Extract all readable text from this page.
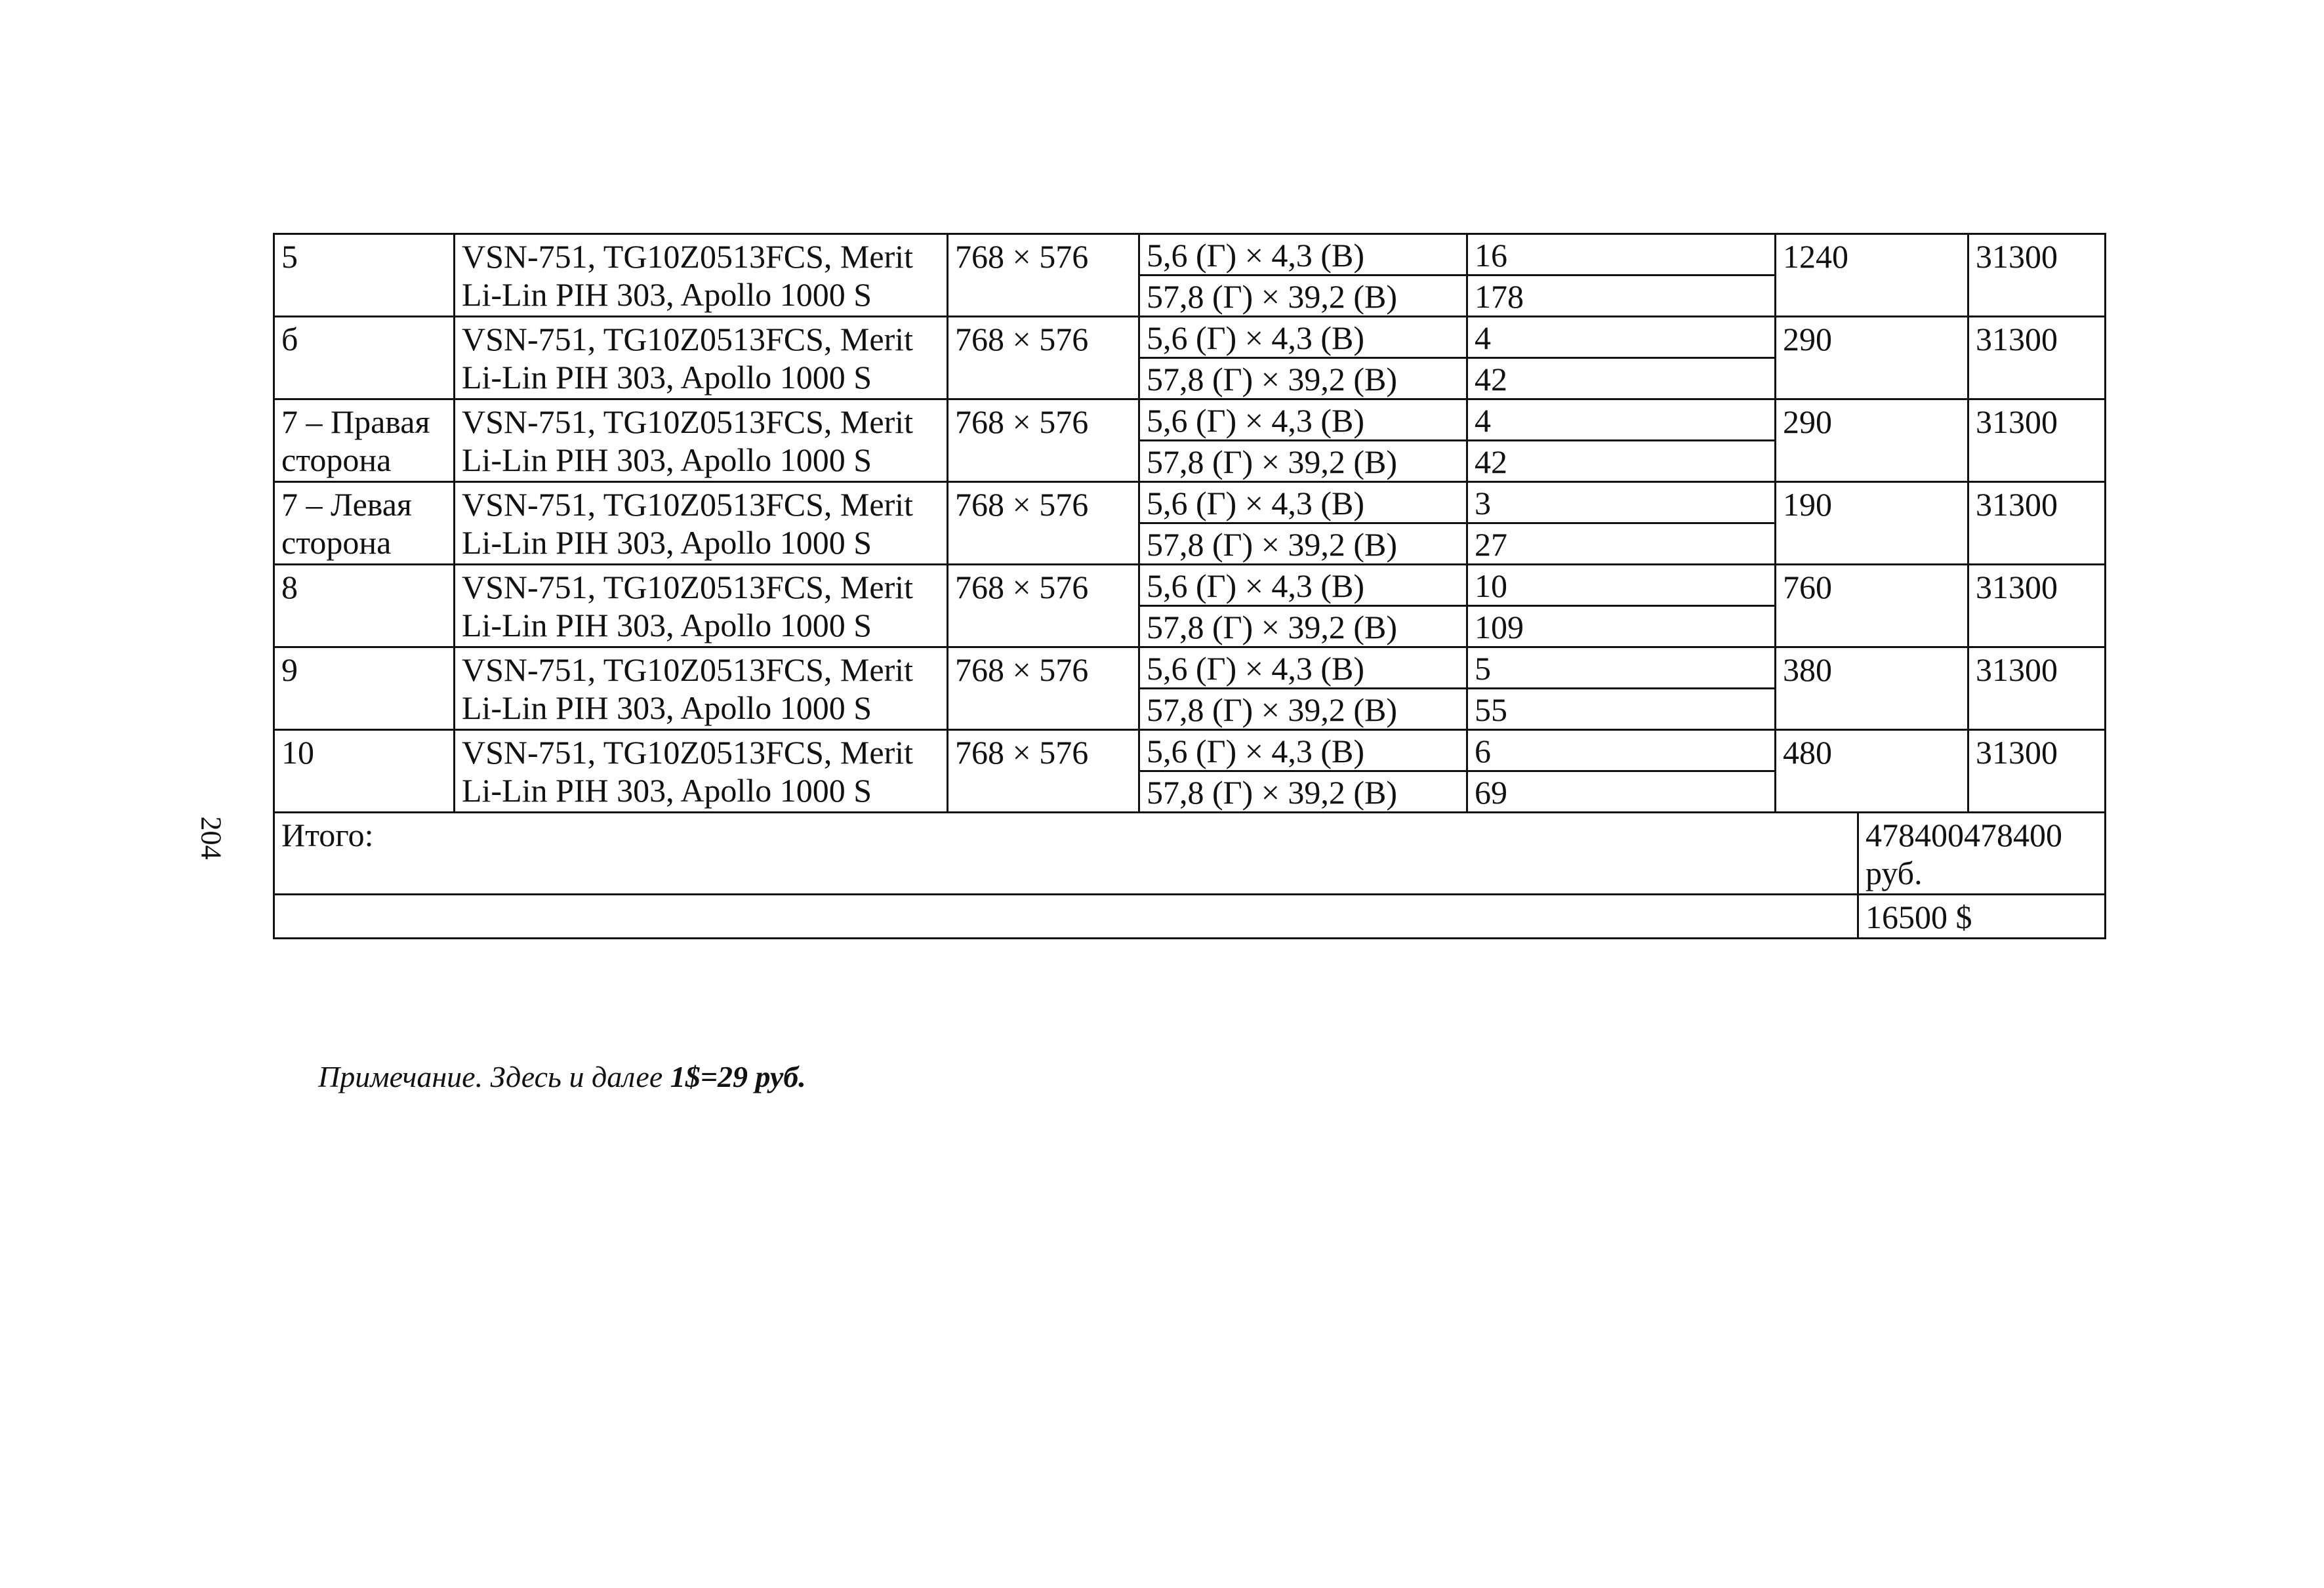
204
5	VSN-751, TG10Z0513FCS, Merit Li-Lin PIH 303, Apollo 1000 S	768 × 576	5,6 (Г) × 4,3 (В)	16	1240		31300
			57,8 (Г) × 39,2 (В)	178			
б	VSN-751, TG10Z0513FCS, Merit Li-Lin PIH 303, Apollo 1000 S	768 × 576	5,6 (Г) × 4,3 (В)	4	290		31300
			57,8 (Г) × 39,2 (В)	42			
7 – Правая сторона	VSN-751, TG10Z0513FCS, Merit Li-Lin PIH 303, Apollo 1000 S	768 × 576	5,6 (Г) × 4,3 (В)	4	290		31300
			57,8 (Г) × 39,2 (В)	42			
7 – Левая сторона	VSN-751, TG10Z0513FCS, Merit Li-Lin PIH 303, Apollo 1000 S	768 × 576	5,6 (Г) × 4,3 (В)	3	190		31300
			57,8 (Г) × 39,2 (В)	27			
8	VSN-751, TG10Z0513FCS, Merit Li-Lin PIH 303, Apollo 1000 S	768 × 576	5,6 (Г) × 4,3 (В)	10	760		31300
			57,8 (Г) × 39,2 (В)	109			
9	VSN-751, TG10Z0513FCS, Merit Li-Lin PIH 303, Apollo 1000 S	768 × 576	5,6 (Г) × 4,3 (В)	5	380		31300
			57,8 (Г) × 39,2 (В)	55			
10	VSN-751, TG10Z0513FCS, Merit Li-Lin PIH 303, Apollo 1000 S	768 × 576	5,6 (Г) × 4,3 (В)	6	480		31300
			57,8 (Г) × 39,2 (В)	69			
Итого:						478400478400 руб.	
						16500 $	
Примечание. Здесь и далее 1$=29 руб.
